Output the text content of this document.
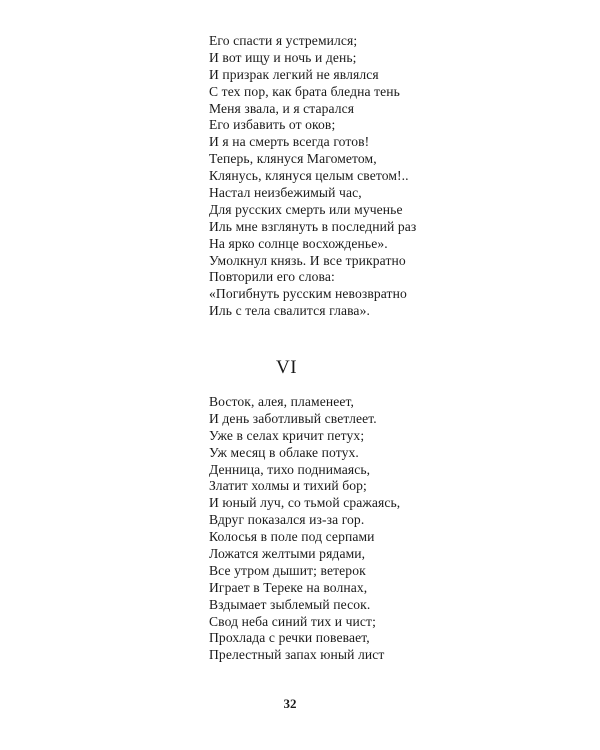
Его спасти я устремился;
И вот ищу и ночь и день;
И призрак легкий не являлся
С тех пор, как брата бледна тень
Меня звала, и я старался
Его избавить от оков;
И я на смерть всегда готов!
Теперь, клянуся Магометом,
Клянусь, клянуся целым светом!..
Настал неизбежимый час,
Для русских смерть или мученье
Иль мне взглянуть в последний раз
На ярко солнце восхожденье».
Умолкнул князь. И все трикратно
Повторили его слова:
«Погибнуть русским невозвратно
Иль с тела свалится глава».
VI
Восток, алея, пламенеет,
И день заботливый светлеет.
Уже в селах кричит петух;
Уж месяц в облаке потух.
Денница, тихо поднимаясь,
Златит холмы и тихий бор;
И юный луч, со тьмой сражаясь,
Вдруг показался из-за гор.
Колосья в поле под серпами
Ложатся желтыми рядами,
Все утром дышит; ветерок
Играет в Тереке на волнах,
Вздымает зыблемый песок.
Свод неба синий тих и чист;
Прохлада с речки повевает,
Прелестный запах юный лист
32
